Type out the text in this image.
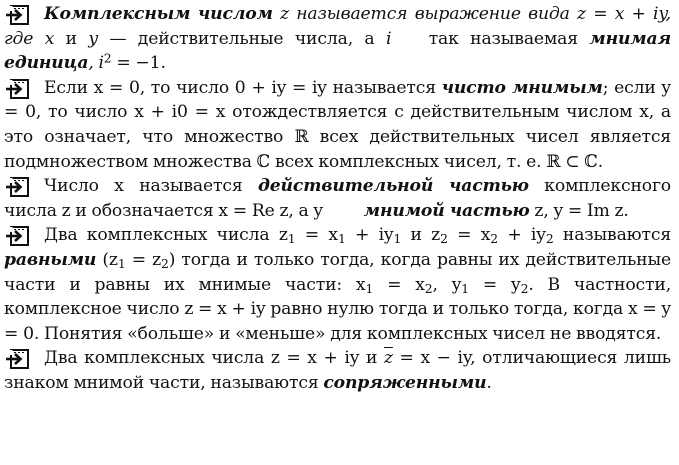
Комплексным числом z называется выражение вида z = x + iy, где x и y — действительные числа, а i так называемая мнимая единица, $i^2 = -1$.

Если x = 0, то число 0 + iy = iy называется чисто мнимым; если y = 0, то число x + i0 = x отождествляется с действительным числом x, а это означает, что множество ℝ всех действительных чисел является подмножеством множества ℂ всех комплексных чисел, т. е. ℝ ⊂ ℂ.

Число x называется действительной частью комплексного числа z и обозначается x = Re z, а y мнимой частью z, y = Im z.

Два комплексных числа $z_1 = x_1 + iy_1$ и $z_2 = x_2 + iy_2$ называются равными $(z_1 = z_2)$ тогда и только тогда, когда равны их действительные части и равны их мнимые части: $x_1 = x_2$, $y_1 = y_2$. В частности, комплексное число z = x + iy равно нулю тогда и только тогда, когда x = y = 0. Понятия «больше» и «меньше» для комплексных чисел не вводятся.

Два комплексных числа z = x + iy и $\overline{z} = x$ − iy, отличающиеся лишь знаком мнимой части, называются сопряженными.
